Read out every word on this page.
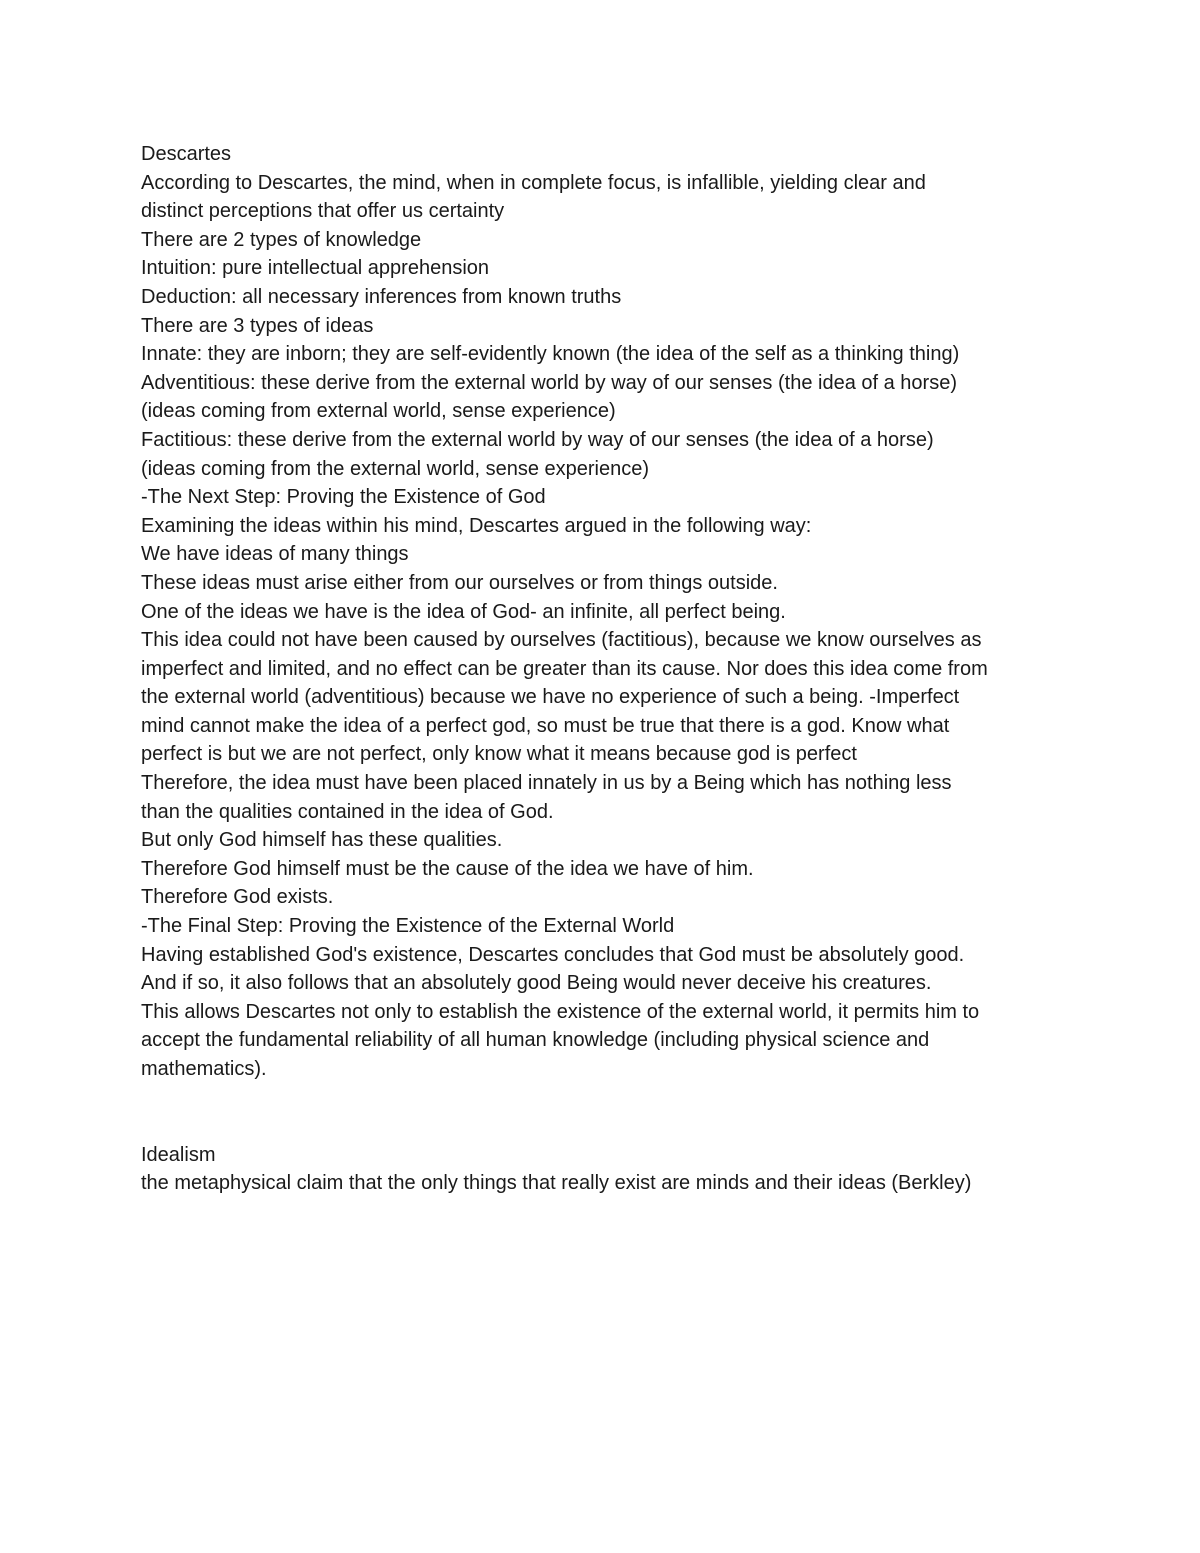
Descartes
According to Descartes, the mind, when in complete focus, is infallible, yielding clear and
distinct perceptions that offer us certainty
There are 2 types of knowledge
Intuition: pure intellectual apprehension
Deduction: all necessary inferences from known truths
There are 3 types of ideas
Innate: they are inborn; they are self-evidently known (the idea of the self as a thinking thing)
Adventitious: these derive from the external world by way of our senses (the idea of a horse)
(ideas coming from external world, sense experience)
Factitious: these derive from the external world by way of our senses (the idea of a horse)
(ideas coming from the external world, sense experience)
-The Next Step: Proving the Existence of God
Examining the ideas within his mind, Descartes argued in the following way:
We have ideas of many things
These ideas must arise either from our ourselves or from things outside.
One of the ideas we have is the idea of God- an infinite, all perfect being.
This idea could not have been caused by ourselves (factitious), because we know ourselves as
imperfect and limited, and no effect can be greater than its cause. Nor does this idea come from
the external world (adventitious) because we have no experience of such a being. -Imperfect
mind cannot make the idea of a perfect god, so must be true that there is a god. Know what
perfect is but we are not perfect, only know what it means because god is perfect
Therefore, the idea must have been placed innately in us by a Being which has nothing less
than the qualities contained in the idea of God.
But only God himself has these qualities.
Therefore God himself must be the cause of the idea we have of him.
Therefore God exists.
-The Final Step: Proving the Existence of the External World
Having established God's existence, Descartes concludes that God must be absolutely good.
And if so, it also follows that an absolutely good Being would never deceive his creatures.
This allows Descartes not only to establish the existence of the external world, it permits him to
accept the fundamental reliability of all human knowledge (including physical science and
mathematics).
Idealism
the metaphysical claim that the only things that really exist are minds and their ideas (Berkley)
